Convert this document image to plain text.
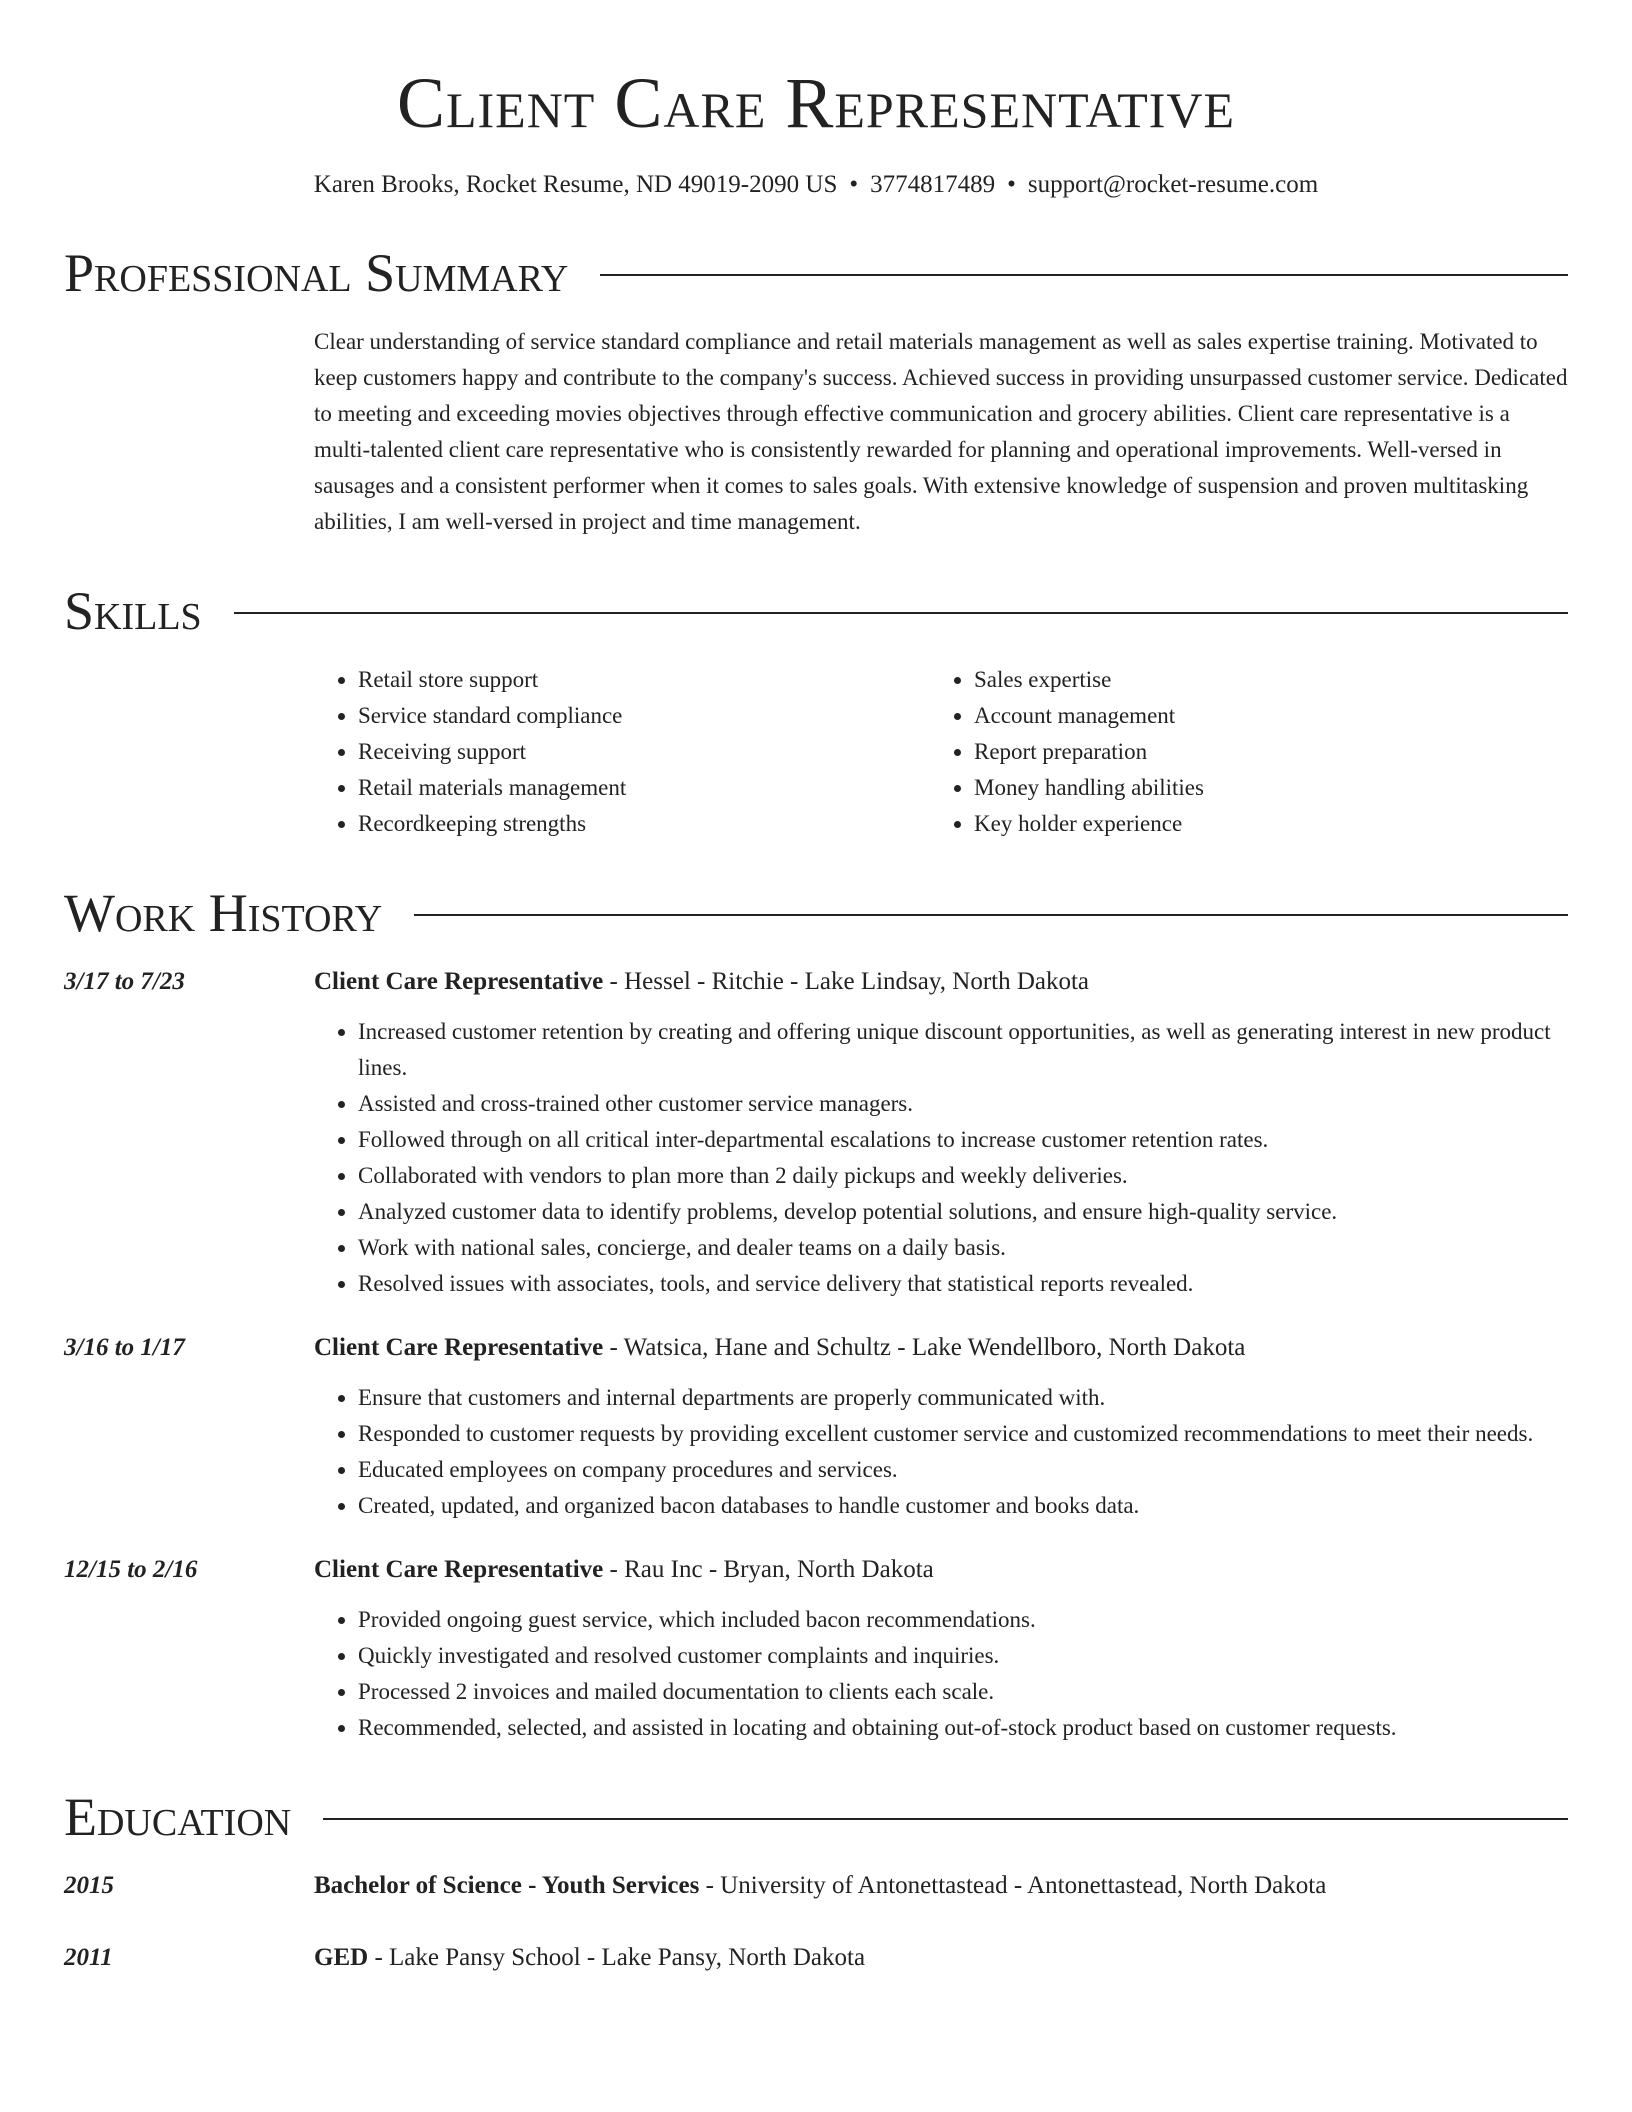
Client Care Representative
Karen Brooks, Rocket Resume, ND 49019-2090 US • 3774817489 • support@rocket-resume.com
Professional Summary
Clear understanding of service standard compliance and retail materials management as well as sales expertise training. Motivated to keep customers happy and contribute to the company's success. Achieved success in providing unsurpassed customer service. Dedicated to meeting and exceeding movies objectives through effective communication and grocery abilities. Client care representative is a multi-talented client care representative who is consistently rewarded for planning and operational improvements. Well-versed in sausages and a consistent performer when it comes to sales goals. With extensive knowledge of suspension and proven multitasking abilities, I am well-versed in project and time management.
Skills
• Retail store support
• Service standard compliance
• Receiving support
• Retail materials management
• Recordkeeping strengths
• Sales expertise
• Account management
• Report preparation
• Money handling abilities
• Key holder experience
Work History
3/17 to 7/23	Client Care Representative - Hessel - Ritchie - Lake Lindsay, North Dakota
• Increased customer retention by creating and offering unique discount opportunities, as well as generating interest in new product lines.
• Assisted and cross-trained other customer service managers.
• Followed through on all critical inter-departmental escalations to increase customer retention rates.
• Collaborated with vendors to plan more than 2 daily pickups and weekly deliveries.
• Analyzed customer data to identify problems, develop potential solutions, and ensure high-quality service.
• Work with national sales, concierge, and dealer teams on a daily basis.
• Resolved issues with associates, tools, and service delivery that statistical reports revealed.
3/16 to 1/17	Client Care Representative - Watsica, Hane and Schultz - Lake Wendellboro, North Dakota
• Ensure that customers and internal departments are properly communicated with.
• Responded to customer requests by providing excellent customer service and customized recommendations to meet their needs.
• Educated employees on company procedures and services.
• Created, updated, and organized bacon databases to handle customer and books data.
12/15 to 2/16	Client Care Representative - Rau Inc - Bryan, North Dakota
• Provided ongoing guest service, which included bacon recommendations.
• Quickly investigated and resolved customer complaints and inquiries.
• Processed 2 invoices and mailed documentation to clients each scale.
• Recommended, selected, and assisted in locating and obtaining out-of-stock product based on customer requests.
Education
2015	Bachelor of Science - Youth Services - University of Antonettastead - Antonettastead, North Dakota
2011	GED - Lake Pansy School - Lake Pansy, North Dakota
